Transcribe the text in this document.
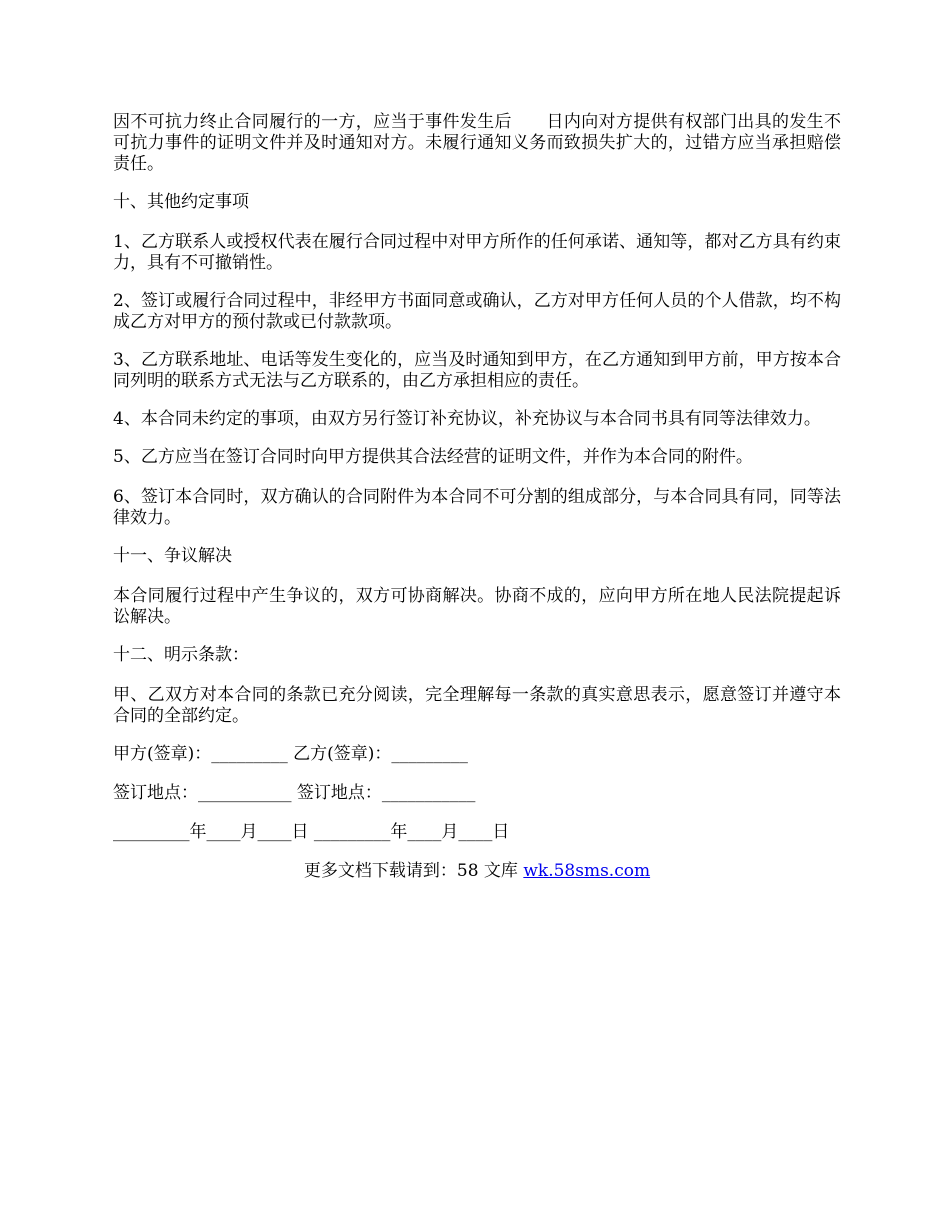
因不可抗力终止合同履行的一方，应当于事件发生后　　日内向对方提供有权部门出具的发生不可抗力事件的证明文件并及时通知对方。未履行通知义务而致损失扩大的，过错方应当承担赔偿责任。

十、其他约定事项

1、乙方联系人或授权代表在履行合同过程中对甲方所作的任何承诺、通知等，都对乙方具有约束力，具有不可撤销性。

2、签订或履行合同过程中，非经甲方书面同意或确认，乙方对甲方任何人员的个人借款，均不构成乙方对甲方的预付款或已付款款项。

3、乙方联系地址、电话等发生变化的，应当及时通知到甲方，在乙方通知到甲方前，甲方按本合同列明的联系方式无法与乙方联系的，由乙方承担相应的责任。

4、本合同未约定的事项，由双方另行签订补充协议，补充协议与本合同书具有同等法律效力。

5、乙方应当在签订合同时向甲方提供其合法经营的证明文件，并作为本合同的附件。

6、签订本合同时，双方确认的合同附件为本合同不可分割的组成部分，与本合同具有同，同等法律效力。

十一、争议解决

本合同履行过程中产生争议的，双方可协商解决。协商不成的，应向甲方所在地人民法院提起诉讼解决。

十二、明示条款：

甲、乙双方对本合同的条款已充分阅读，完全理解每一条款的真实意思表示，愿意签订并遵守本合同的全部约定。

甲方(签章)：_________ 乙方(签章)：_________
签订地点：___________ 签订地点：___________
_________年____月____日 _________年____月____日
更多文档下载请到：58 文库 wk.58sms.com
